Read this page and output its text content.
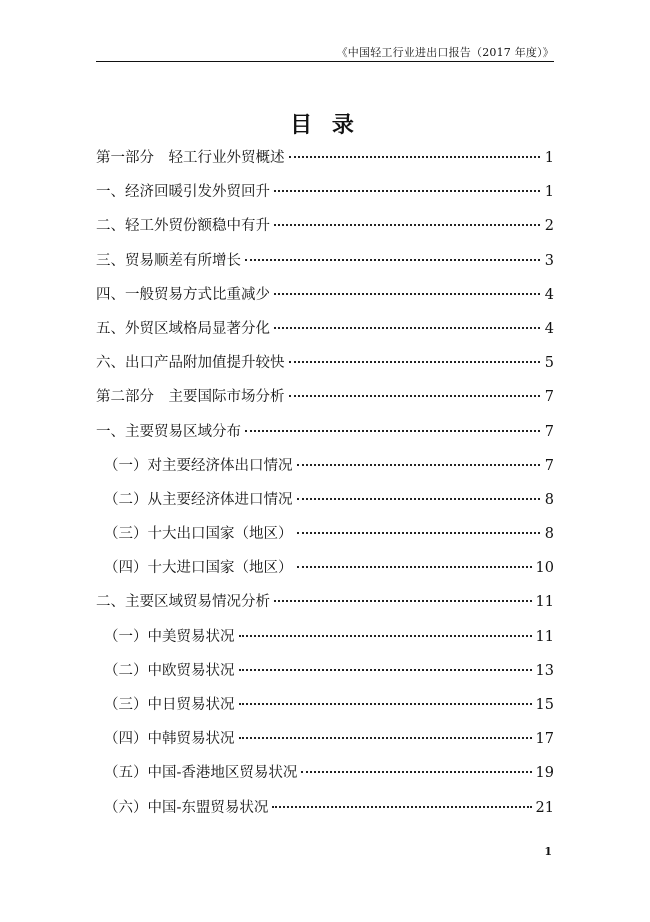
《中国轻工行业进出口报告（2017 年度）》
目 录
第一部分　轻工行业外贸概述	1
一、经济回暖引发外贸回升	1
二、轻工外贸份额稳中有升	2
三、贸易顺差有所增长	3
四、一般贸易方式比重减少	4
五、外贸区域格局显著分化	4
六、出口产品附加值提升较快	5
第二部分　主要国际市场分析	7
一、主要贸易区域分布	7
（一）对主要经济体出口情况	7
（二）从主要经济体进口情况	8
（三）十大出口国家（地区）	8
（四）十大进口国家（地区）	10
二、主要区域贸易情况分析	11
（一）中美贸易状况	11
（二）中欧贸易状况	13
（三）中日贸易状况	15
（四）中韩贸易状况	17
（五）中国-香港地区贸易状况	19
（六）中国-东盟贸易状况	21
1
